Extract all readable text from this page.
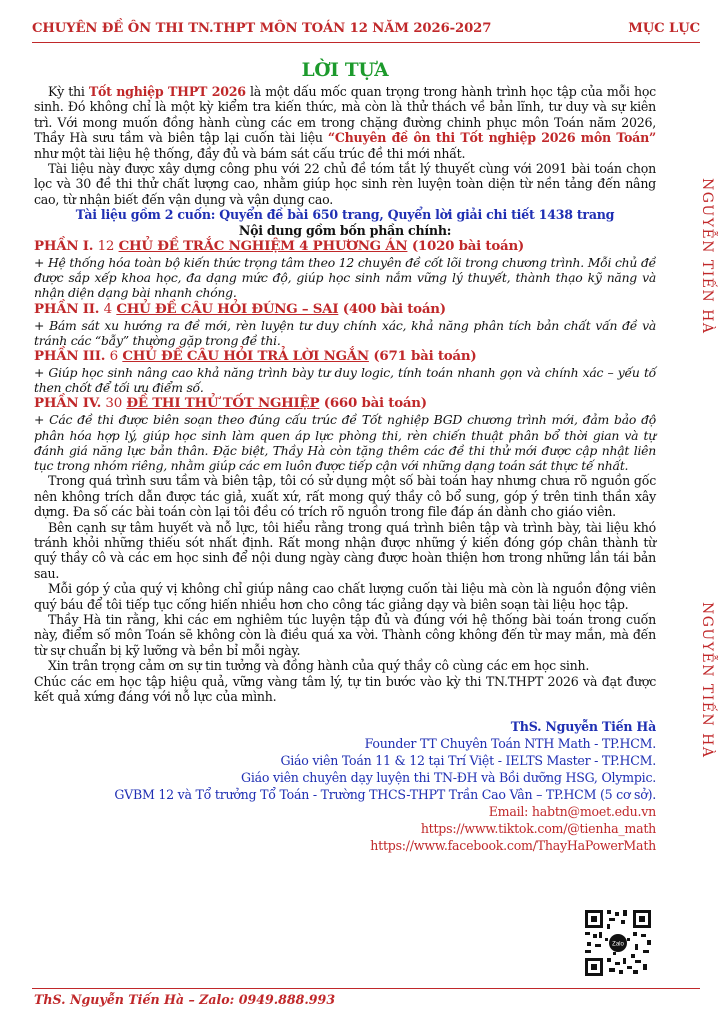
CHUYÊN ĐỀ ÔN THI TN.THPT MÔN TOÁN 12 NĂM 2026-2027	MỤC LỤC
NGUYỄN TIẾN HÀ
NGUYỄN TIẾN HÀ
LỜI TỰA

Kỳ thi Tốt nghiệp THPT 2026 là một dấu mốc quan trọng trong hành trình học tập của mỗi học sinh. Đó không chỉ là một kỳ kiểm tra kiến thức, mà còn là thử thách về bản lĩnh, tư duy và sự kiên trì. Với mong muốn đồng hành cùng các em trong chặng đường chinh phục môn Toán năm 2026, Thầy Hà sưu tầm và biên tập lại cuốn tài liệu “Chuyên đề ôn thi Tốt nghiệp 2026 môn Toán” như một tài liệu hệ thống, đầy đủ và bám sát cấu trúc đề thi mới nhất.

Tài liệu này được xây dựng công phu với 22 chủ đề tóm tắt lý thuyết cùng với 2091 bài toán chọn lọc và 30 đề thi thử chất lượng cao, nhằm giúp học sinh rèn luyện toàn diện từ nền tảng đến nâng cao, từ nhận biết đến vận dụng và vận dụng cao.

Tài liệu gồm 2 cuốn: Quyển đề bài 650 trang, Quyển lời giải chi tiết 1438 trang

Nội dung gồm bốn phần chính:

PHẦN I. 12 CHỦ ĐỀ TRẮC NGHIỆM 4 PHƯƠNG ÁN (1020 bài toán)
+ Hệ thống hóa toàn bộ kiến thức trọng tâm theo 12 chuyên đề cốt lõi trong chương trình. Mỗi chủ đề được sắp xếp khoa học, đa dạng mức độ, giúp học sinh nắm vững lý thuyết, thành thạo kỹ năng và nhận diện dạng bài nhanh chóng.
PHẦN II. 4 CHỦ ĐỀ CÂU HỎI ĐÚNG – SAI (400 bài toán)
+ Bám sát xu hướng ra đề mới, rèn luyện tư duy chính xác, khả năng phân tích bản chất vấn đề và tránh các “bẫy” thường gặp trong đề thi.
PHẦN III. 6 CHỦ ĐỀ CÂU HỎI TRẢ LỜI NGẮN (671 bài toán)
+ Giúp học sinh nâng cao khả năng trình bày tư duy logic, tính toán nhanh gọn và chính xác – yếu tố then chốt để tối ưu điểm số.
PHẦN IV. 30 ĐỀ THI THỬ TỐT NGHIỆP (660 bài toán)
+ Các đề thi được biên soạn theo đúng cấu trúc đề Tốt nghiệp BGD chương trình mới, đảm bảo độ phân hóa hợp lý, giúp học sinh làm quen áp lực phòng thi, rèn chiến thuật phân bổ thời gian và tự đánh giá năng lực bản thân. Đặc biệt, Thầy Hà còn tặng thêm các đề thi thử mới được cập nhật liên tục trong nhóm riêng, nhằm giúp các em luôn được tiếp cận với những dạng toán sát thực tế nhất.

Trong quá trình sưu tầm và biên tập, tôi có sử dụng một số bài toán hay nhưng chưa rõ nguồn gốc nên không trích dẫn được tác giả, xuất xứ, rất mong quý thầy cô bổ sung, góp ý trên tinh thần xây dựng. Đa số các bài toán còn lại tôi đều có trích rõ nguồn trong file đáp án dành cho giáo viên.

Bên cạnh sự tâm huyết và nỗ lực, tôi hiểu rằng trong quá trình biên tập và trình bày, tài liệu khó tránh khỏi những thiếu sót nhất định. Rất mong nhận được những ý kiến đóng góp chân thành từ quý thầy cô và các em học sinh để nội dung ngày càng được hoàn thiện hơn trong những lần tái bản sau.

Mỗi góp ý của quý vị không chỉ giúp nâng cao chất lượng cuốn tài liệu mà còn là nguồn động viên quý báu để tôi tiếp tục cống hiến nhiều hơn cho công tác giảng dạy và biên soạn tài liệu học tập.

Thầy Hà tin rằng, khi các em nghiêm túc luyện tập đủ và đúng với hệ thống bài toán trong cuốn này, điểm số môn Toán sẽ không còn là điều quá xa vời. Thành công không đến từ may mắn, mà đến từ sự chuẩn bị kỹ lưỡng và bền bỉ mỗi ngày.

Xin trân trọng cảm ơn sự tin tưởng và đồng hành của quý thầy cô cùng các em học sinh.

Chúc các em học tập hiệu quả, vững vàng tâm lý, tự tin bước vào kỳ thi TN.THPT 2026 và đạt được kết quả xứng đáng với nỗ lực của mình.

ThS. Nguyễn Tiến Hà
Founder TT Chuyên Toán NTH Math - TP.HCM.
Giáo viên Toán 11 & 12 tại Trí Việt - IELTS Master - TP.HCM.
Giáo viên chuyên dạy luyện thi TN-ĐH và Bồi dưỡng HSG, Olympic.
GVBM 12 và Tổ trưởng Tổ Toán - Trường THCS-THPT Trần Cao Vân – TP.HCM (5 cơ sở).
Email: habtn@moet.edu.vn
https://www.tiktok.com/@tienha_math
https://www.facebook.com/ThayHaPowerMath
Zalo
ThS. Nguyễn Tiến Hà – Zalo: 0949.888.993
